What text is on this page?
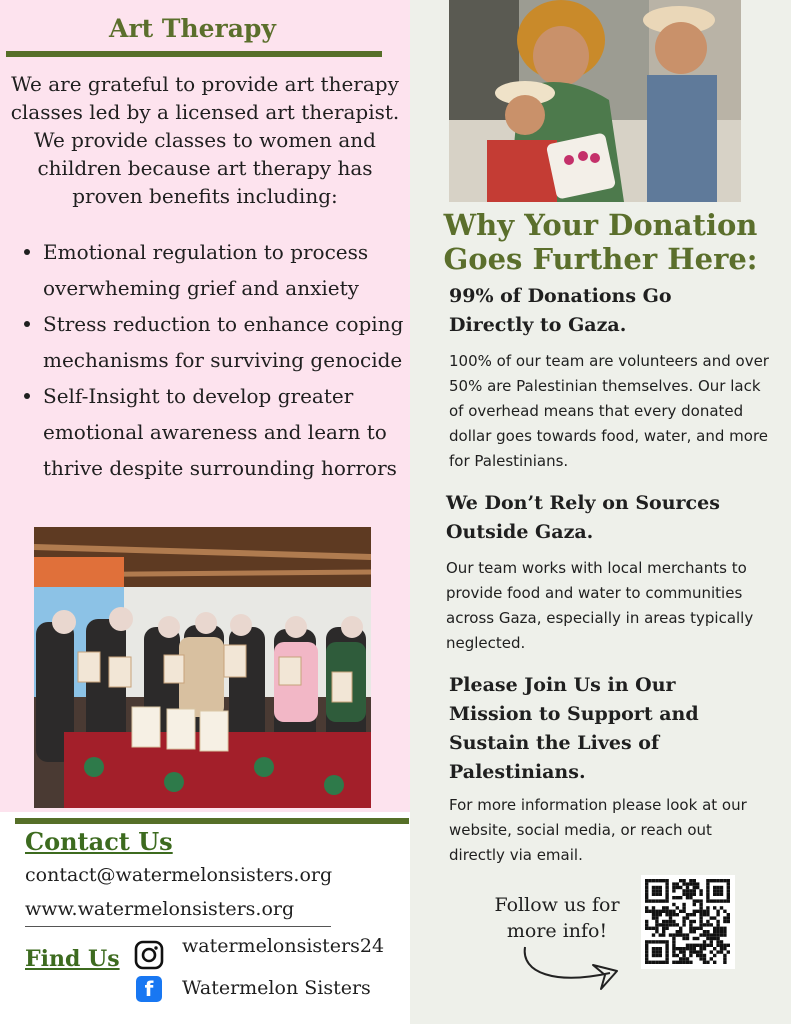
Art Therapy
We are grateful to provide art therapy classes led by a licensed art therapist. We provide classes to women and children because art therapy has proven benefits including:
Emotional regulation to process overwheming grief and anxiety
Stress reduction to enhance coping mechanisms for surviving genocide
Self-Insight to develop greater emotional awareness and learn to thrive despite surrounding horrors
Contact Us
contact@watermelonsisters.org
www.watermelonsisters.org
Find Us	watermelonsisters24
f	Watermelon Sisters
Why Your Donation Goes Further Here:
99% of Donations Go Directly to Gaza.
100% of our team are volunteers and over 50% are Palestinian themselves. Our lack of overhead means that every donated dollar goes towards food, water, and more for Palestinians.
We Don’t Rely on Sources Outside Gaza.
Our team works with local merchants to provide food and water to communities across Gaza, especially in areas typically neglected.
Please Join Us in Our Mission to Support and Sustain the Lives of Palestinians.
For more information please look at our website, social media, or reach out directly via email.
Follow us for more info!
